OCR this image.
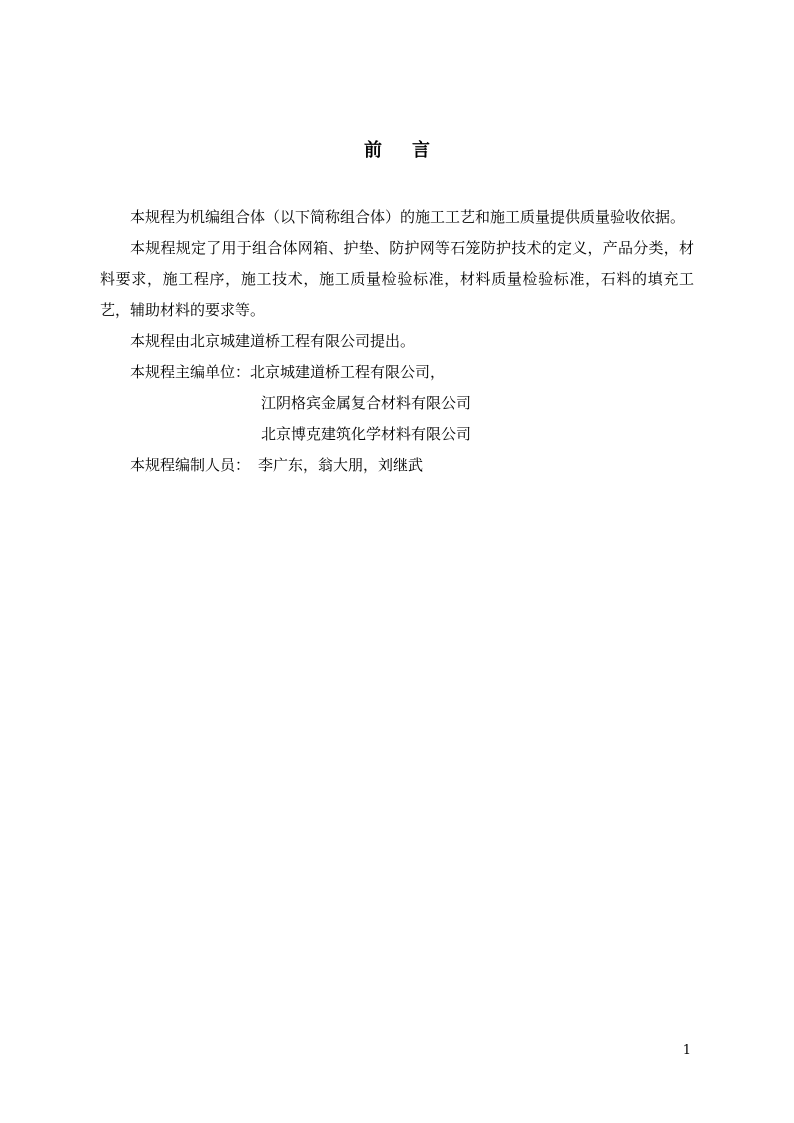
前 言

本规程为机编组合体（以下简称组合体）的施工工艺和施工质量提供质量验收依据。

本规程规定了用于组合体网箱、护垫、防护网等石笼防护技术的定义，产品分类，材料要求，施工程序，施工技术，施工质量检验标准，材料质量检验标准，石料的填充工艺，辅助材料的要求等。

本规程由北京城建道桥工程有限公司提出。

本规程主编单位：北京城建道桥工程有限公司，

江阴格宾金属复合材料有限公司

北京博克建筑化学材料有限公司

本规程编制人员： 李广东，翁大朋，刘继武

1
